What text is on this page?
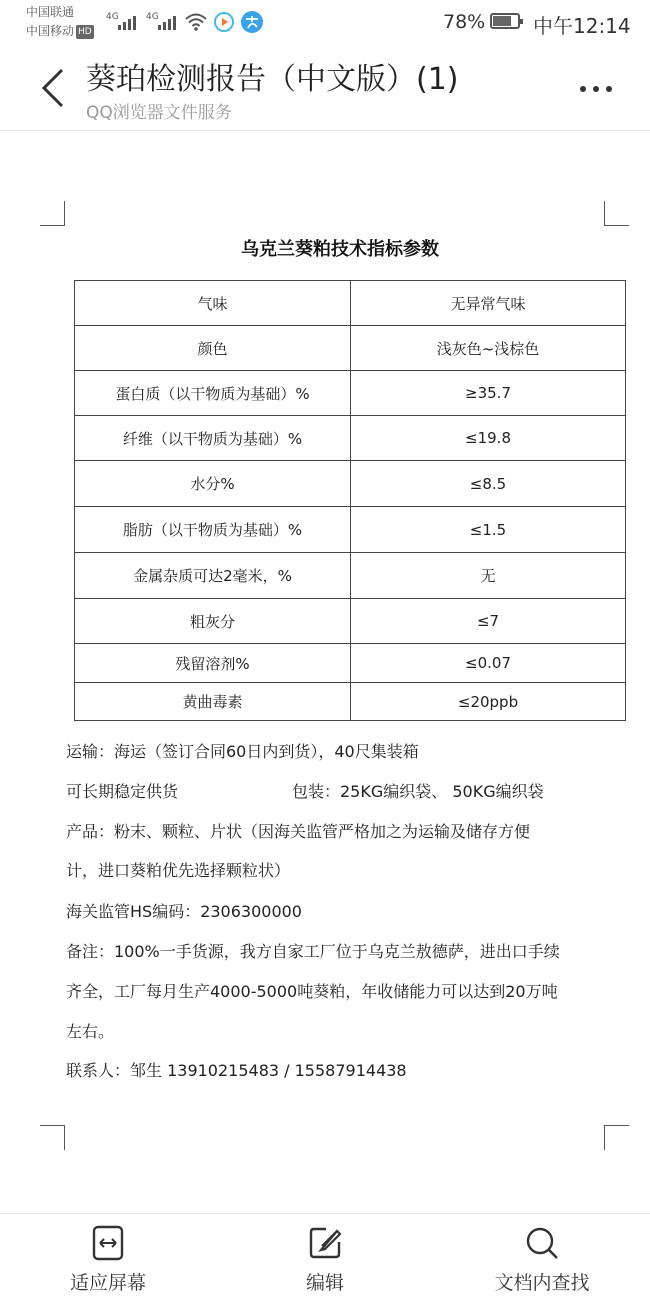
中国联通
中国移动 HD
4G	4G	78% 中午12:14
葵珀检测报告（中文版）(1)
QQ浏览器文件服务
乌克兰葵粕技术指标参数
气味	无异常气味
颜色	浅灰色~浅棕色
蛋白质（以干物质为基础）%	≥35.7
纤维（以干物质为基础）%	≤19.8
水分%	≤8.5
脂肪（以干物质为基础）%	≤1.5
金属杂质可达2毫米，%	无
粗灰分	≤7
残留溶剂%	≤0.07
黄曲毒素	≤20ppb
运输：海运（签订合同60日内到货），40尺集装箱
可长期稳定供货	包装：25KG编织袋、 50KG编织袋
产品：粉末、颗粒、片状（因海关监管严格加之为运输及储存方便
计，进口葵粕优先选择颗粒状）
海关监管HS编码：2306300000
备注：100%一手货源，我方自家工厂位于乌克兰敖德萨，进出口手续
齐全，工厂每月生产4000-5000吨葵粕，年收储能力可以达到20万吨
左右。
联系人：邹生 13910215483 / 15587914438
适应屏幕	编辑	文档内查找
